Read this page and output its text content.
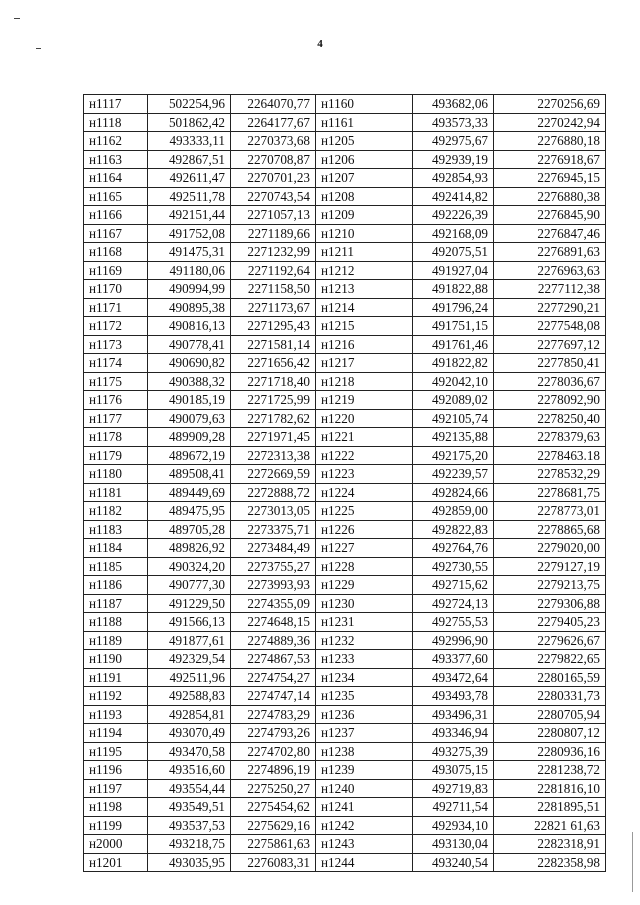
4
н1117	502254,96	2264070,77	н1160	493682,06	2270256,69
н1118	501862,42	2264177,67	н1161	493573,33	2270242,94
н1162	493333,11	2270373,68	н1205	492975,67	2276880,18
н1163	492867,51	2270708,87	н1206	492939,19	2276918,67
н1164	492611,47	2270701,23	н1207	492854,93	2276945,15
н1165	492511,78	2270743,54	н1208	492414,82	2276880,38
н1166	492151,44	2271057,13	н1209	492226,39	2276845,90
н1167	491752,08	2271189,66	н1210	492168,09	2276847,46
н1168	491475,31	2271232,99	н1211	492075,51	2276891,63
н1169	491180,06	2271192,64	н1212	491927,04	2276963,63
н1170	490994,99	2271158,50	н1213	491822,88	2277112,38
н1171	490895,38	2271173,67	н1214	491796,24	2277290,21
н1172	490816,13	2271295,43	н1215	491751,15	2277548,08
н1173	490778,41	2271581,14	н1216	491761,46	2277697,12
н1174	490690,82	2271656,42	н1217	491822,82	2277850,41
н1175	490388,32	2271718,40	н1218	492042,10	2278036,67
н1176	490185,19	2271725,99	н1219	492089,02	2278092,90
н1177	490079,63	2271782,62	н1220	492105,74	2278250,40
н1178	489909,28	2271971,45	н1221	492135,88	2278379,63
н1179	489672,19	2272313,38	н1222	492175,20	2278463.18
н1180	489508,41	2272669,59	н1223	492239,57	2278532,29
н1181	489449,69	2272888,72	н1224	492824,66	2278681,75
н1182	489475,95	2273013,05	н1225	492859,00	2278773,01
н1183	489705,28	2273375,71	н1226	492822,83	2278865,68
н1184	489826,92	2273484,49	н1227	492764,76	2279020,00
н1185	490324,20	2273755,27	н1228	492730,55	2279127,19
н1186	490777,30	2273993,93	н1229	492715,62	2279213,75
н1187	491229,50	2274355,09	н1230	492724,13	2279306,88
н1188	491566,13	2274648,15	н1231	492755,53	2279405,23
н1189	491877,61	2274889,36	н1232	492996,90	2279626,67
н1190	492329,54	2274867,53	н1233	493377,60	2279822,65
н1191	492511,96	2274754,27	н1234	493472,64	2280165,59
н1192	492588,83	2274747,14	н1235	493493,78	2280331,73
н1193	492854,81	2274783,29	н1236	493496,31	2280705,94
н1194	493070,49	2274793,26	н1237	493346,94	2280807,12
н1195	493470,58	2274702,80	н1238	493275,39	2280936,16
н1196	493516,60	2274896,19	н1239	493075,15	2281238,72
н1197	493554,44	2275250,27	н1240	492719,83	2281816,10
н1198	493549,51	2275454,62	н1241	492711,54	2281895,51
н1199	493537,53	2275629,16	н1242	492934,10	22821 61,63
н2000	493218,75	2275861,63	н1243	493130,04	2282318,91
н1201	493035,95	2276083,31	н1244	493240,54	2282358,98
